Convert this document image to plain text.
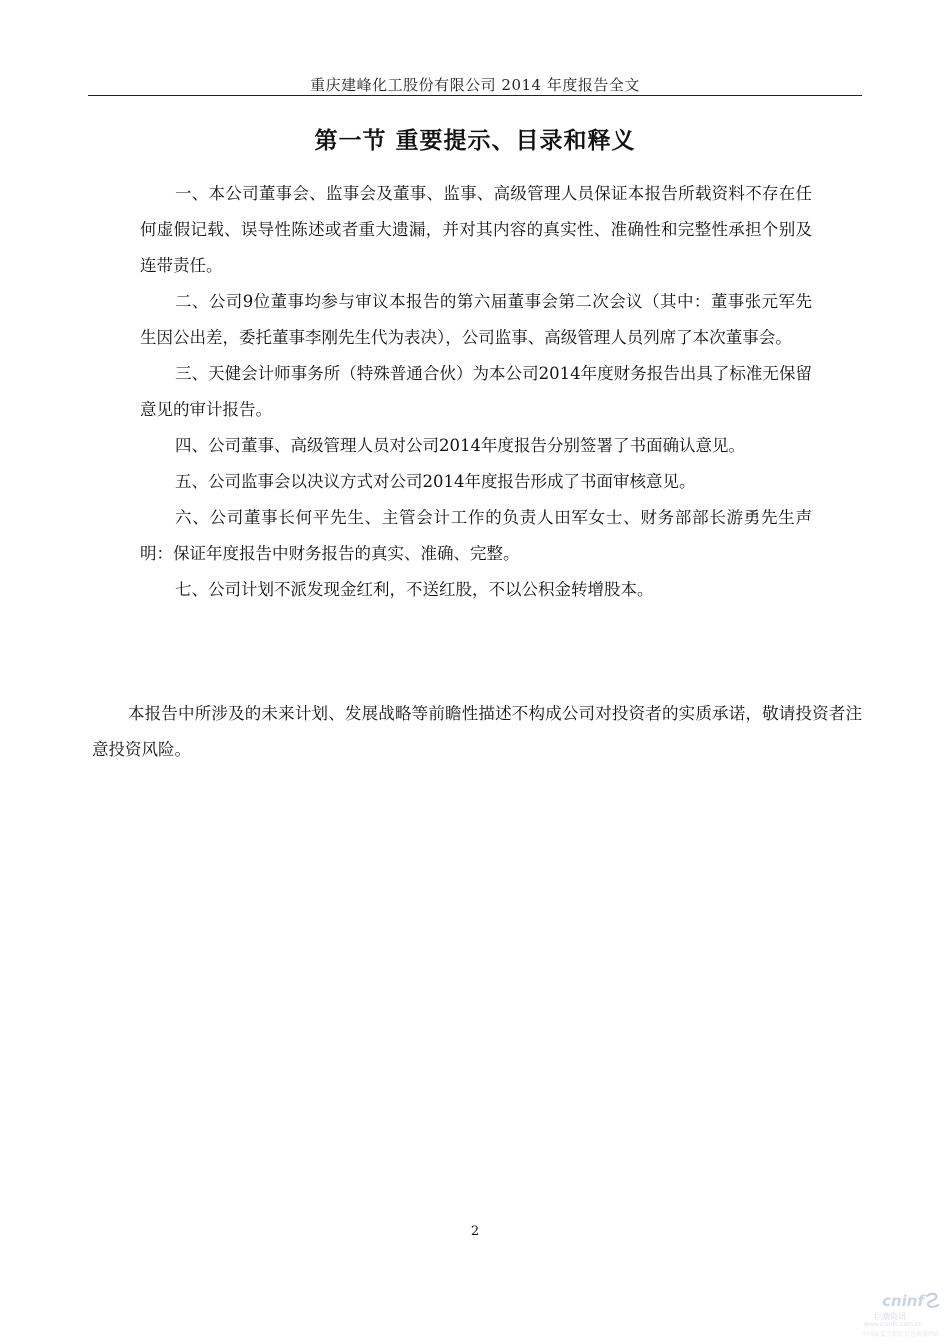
重庆建峰化工股份有限公司 2014 年度报告全文
第一节 重要提示、目录和释义

一、本公司董事会、监事会及董事、监事、高级管理人员保证本报告所载资料不存在任何虚假记载、误导性陈述或者重大遗漏，并对其内容的真实性、准确性和完整性承担个别及连带责任。

二、公司9位董事均参与审议本报告的第六届董事会第二次会议（其中：董事张元军先生因公出差，委托董事李刚先生代为表决），公司监事、高级管理人员列席了本次董事会。

三、天健会计师事务所（特殊普通合伙）为本公司2014年度财务报告出具了标准无保留意见的审计报告。

四、公司董事、高级管理人员对公司2014年度报告分别签署了书面确认意见。

五、公司监事会以决议方式对公司2014年度报告形成了书面审核意见。

六、公司董事长何平先生、主管会计工作的负责人田军女士、财务部部长游勇先生声明：保证年度报告中财务报告的真实、准确、完整。

七、公司计划不派发现金红利，不送红股，不以公积金转增股本。

本报告中所涉及的未来计划、发展战略等前瞻性描述不构成公司对投资者的实质承诺，敬请投资者注意投资风险。

2
cninf
巨潮资讯
www.cninfo.com.cn
中国证监会指定信息披露网站
